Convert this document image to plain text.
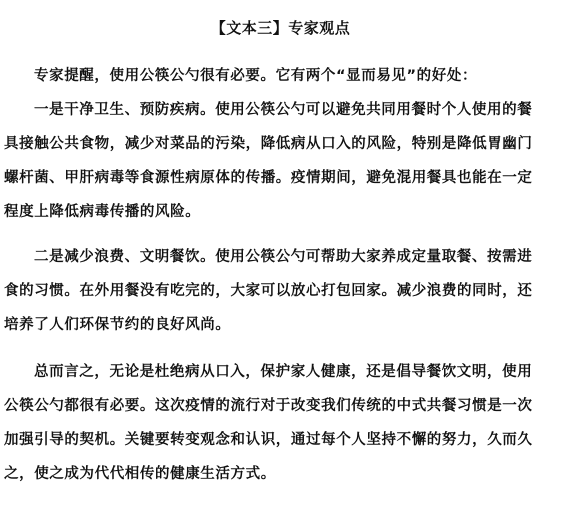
【文本三】专家观点
专家提醒，使用公筷公勺很有必要。它有两个“显而易见”的好处：
一是干净卫生、预防疾病。使用公筷公勺可以避免共同用餐时个人使用的餐
具接触公共食物，减少对菜品的污染，降低病从口入的风险，特别是降低胃幽门
螺杆菌、甲肝病毒等食源性病原体的传播。疫情期间，避免混用餐具也能在一定
程度上降低病毒传播的风险。
二是减少浪费、文明餐饮。使用公筷公勺可帮助大家养成定量取餐、按需进
食的习惯。在外用餐没有吃完的，大家可以放心打包回家。减少浪费的同时，还
培养了人们环保节约的良好风尚。
总而言之，无论是杜绝病从口入，保护家人健康，还是倡导餐饮文明，使用
公筷公勺都很有必要。这次疫情的流行对于改变我们传统的中式共餐习惯是一次
加强引导的契机。关键要转变观念和认识，通过每个人坚持不懈的努力，久而久
之，使之成为代代相传的健康生活方式。
